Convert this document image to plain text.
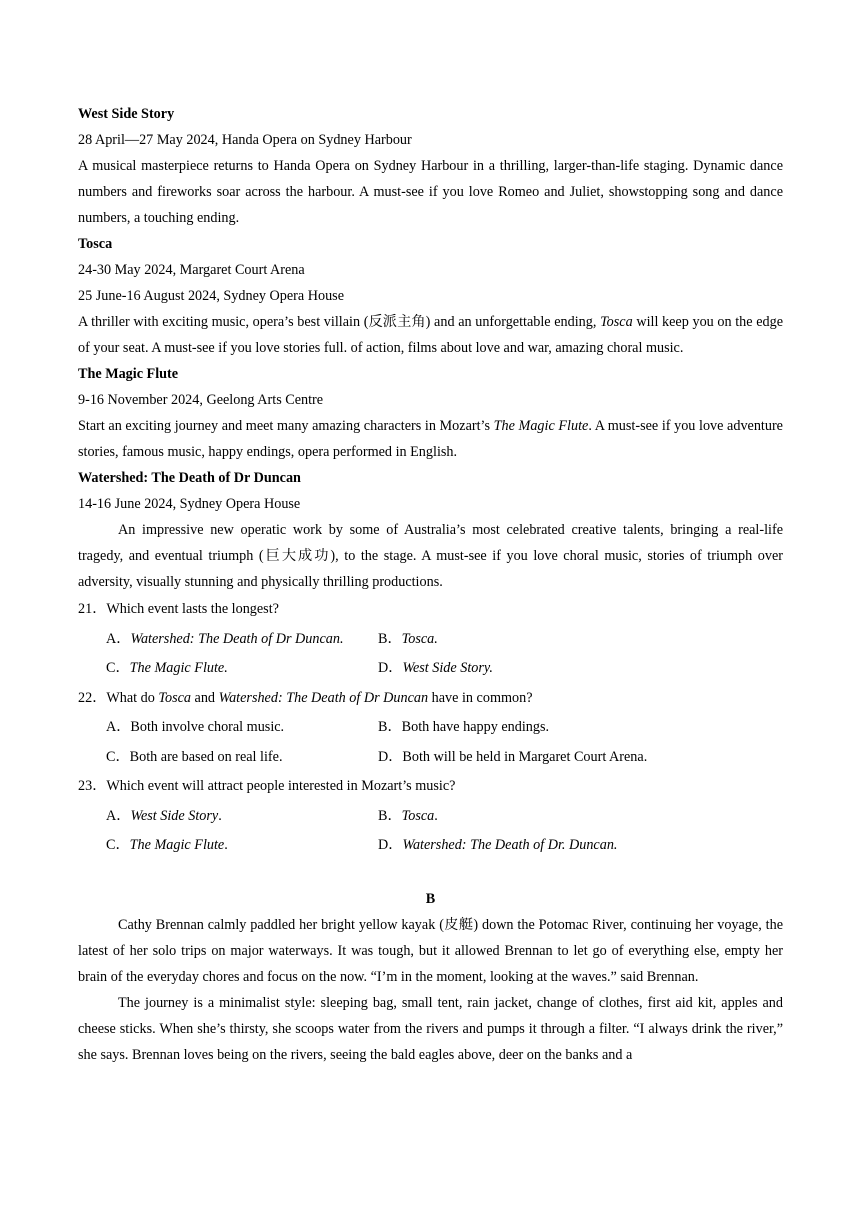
West Side Story
28 April—27 May 2024, Handa Opera on Sydney Harbour

A musical masterpiece returns to Handa Opera on Sydney Harbour in a thrilling, larger-than-life staging. Dynamic dance numbers and fireworks soar across the harbour. A must-see if you love Romeo and Juliet, showstopping song and dance numbers, a touching ending.

Tosca
24-30 May 2024, Margaret Court Arena
25 June-16 August 2024, Sydney Opera House

A thriller with exciting music, opera’s best villain (反派主角) and an unforgettable ending, Tosca will keep you on the edge of your seat. A must-see if you love stories full. of action, films about love and war, amazing choral music.

The Magic Flute
9-16 November 2024, Geelong Arts Centre

Start an exciting journey and meet many amazing characters in Mozart’s The Magic Flute. A must-see if you love adventure stories, famous music, happy endings, opera performed in English.

Watershed: The Death of Dr Duncan
14-16 June 2024, Sydney Opera House

An impressive new operatic work by some of Australia’s most celebrated creative talents, bringing a real-life tragedy, and eventual triumph (巨大成功), to the stage. A must-see if you love choral music, stories of triumph over adversity, visually stunning and physically thrilling productions.

21．Which event lasts the longest?
A．Watershed: The Death of Dr Duncan. B．Tosca.
C．The Magic Flute.	D．West Side Story.
22．What do Tosca and Watershed: The Death of Dr Duncan have in common?
A．Both involve choral music.	B．Both have happy endings.
C．Both are based on real life.	D．Both will be held in Margaret Court Arena.
23．Which event will attract people interested in Mozart’s music?
A．West Side Story.	B．Tosca.
C．The Magic Flute.	D．Watershed: The Death of Dr. Duncan.
B

Cathy Brennan calmly paddled her bright yellow kayak (皮艇) down the Potomac River, continuing her voyage, the latest of her solo trips on major waterways. It was tough, but it allowed Brennan to let go of everything else, empty her brain of the everyday chores and focus on the now. “I’m in the moment, looking at the waves.” said Brennan.

The journey is a minimalist style: sleeping bag, small tent, rain jacket, change of clothes, first aid kit, apples and cheese sticks. When she’s thirsty, she scoops water from the rivers and pumps it through a filter. “I always drink the river,” she says. Brennan loves being on the rivers, seeing the bald eagles above, deer on the banks and a
